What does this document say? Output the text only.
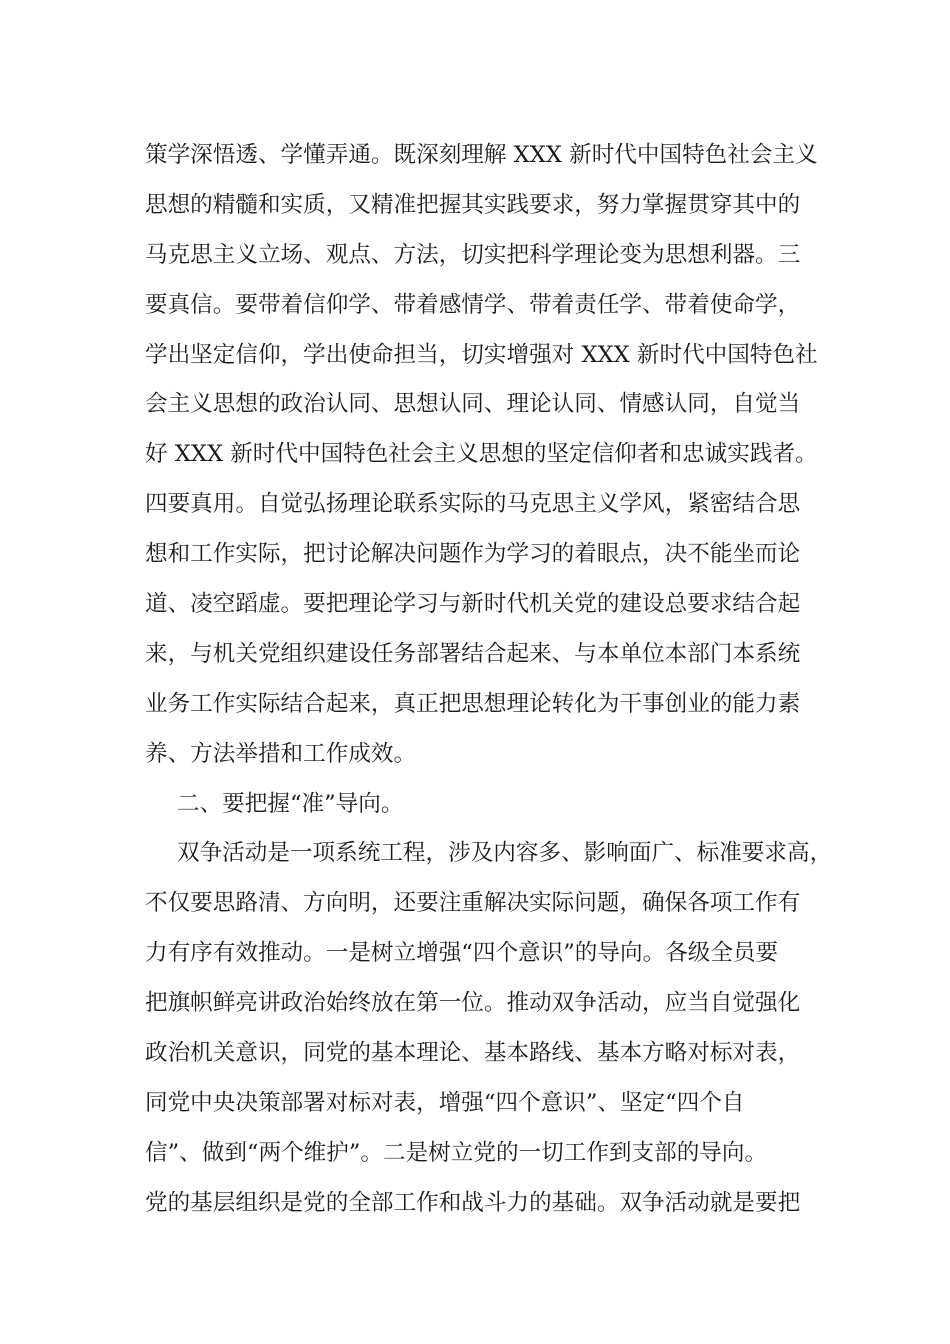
策学深悟透、学懂弄通。既深刻理解 XXX 新时代中国特色社会主义
思想的精髓和实质，又精准把握其实践要求，努力掌握贯穿其中的
马克思主义立场、观点、方法，切实把科学理论变为思想利器。三
要真信。要带着信仰学、带着感情学、带着责任学、带着使命学，
学出坚定信仰，学出使命担当，切实增强对 XXX 新时代中国特色社
会主义思想的政治认同、思想认同、理论认同、情感认同，自觉当
好 XXX 新时代中国特色社会主义思想的坚定信仰者和忠诚实践者。
四要真用。自觉弘扬理论联系实际的马克思主义学风，紧密结合思
想和工作实际，把讨论解决问题作为学习的着眼点，决不能坐而论
道、凌空蹈虚。要把理论学习与新时代机关党的建设总要求结合起
来，与机关党组织建设任务部署结合起来、与本单位本部门本系统
业务工作实际结合起来，真正把思想理论转化为干事创业的能力素
养、方法举措和工作成效。
二、要把握“准”导向。
双争活动是一项系统工程，涉及内容多、影响面广、标准要求高，
不仅要思路清、方向明，还要注重解决实际问题，确保各项工作有
力有序有效推动。一是树立增强“四个意识”的导向。各级全员要
把旗帜鲜亮讲政治始终放在第一位。推动双争活动，应当自觉强化
政治机关意识，同党的基本理论、基本路线、基本方略对标对表，
同党中央决策部署对标对表，增强“四个意识”、坚定“四个自
信”、做到“两个维护”。二是树立党的一切工作到支部的导向。
党的基层组织是党的全部工作和战斗力的基础。双争活动就是要把
